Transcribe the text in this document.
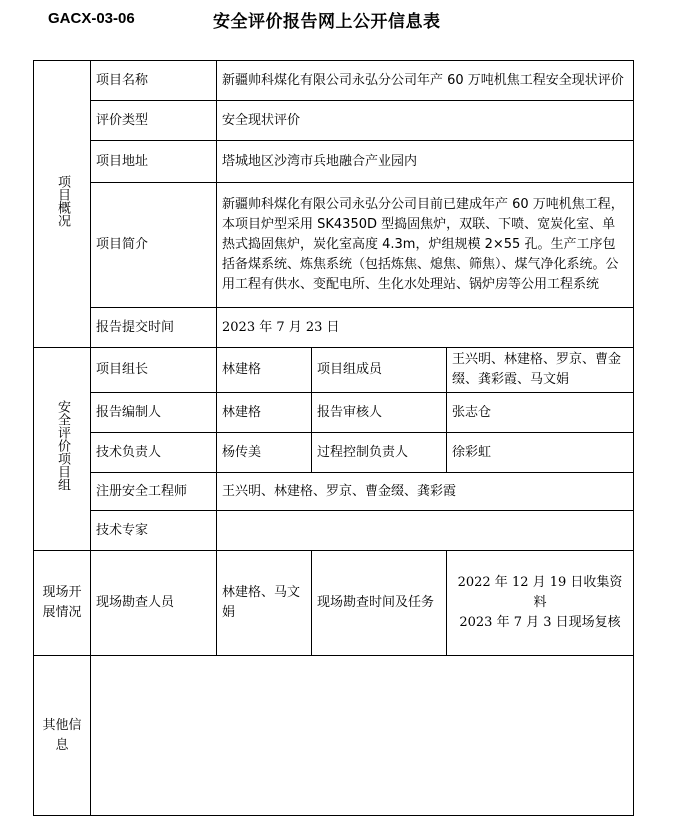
GACX-03-06	安全评价报告网上公开信息表
项目概况	项目名称	新疆帅科煤化有限公司永弘分公司年产 60 万吨机焦工程安全现状评价		
	评价类型	安全现状评价		
	项目地址	塔城地区沙湾市兵地融合产业园内		
	项目简介	新疆帅科煤化有限公司永弘分公司目前已建成年产 60 万吨机焦工程，本项目炉型采用 SK4350D 型捣固焦炉，双联、下喷、宽炭化室、单热式捣固焦炉，炭化室高度 4.3m，炉组规模 2×55 孔。生产工序包括备煤系统、炼焦系统（包括炼焦、熄焦、筛焦）、煤气净化系统。公用工程有供水、变配电所、生化水处理站、锅炉房等公用工程系统		
	报告提交时间	2023 年 7 月 23 日		
安全评价项目组	项目组长	林建格	项目组成员	王兴明、林建格、罗京、曹金缀、龚彩霞、马文娟
	报告编制人	林建格	报告审核人	张志仓
	技术负责人	杨传美	过程控制负责人	徐彩虹
	注册安全工程师	王兴明、林建格、罗京、曹金缀、龚彩霞		
	技术专家			
现场开展情况	现场勘查人员	林建格、马文娟	现场勘查时间及任务	2022 年 12 月 19 日收集资料
2023 年 7 月 3 日现场复核

其他信息				
